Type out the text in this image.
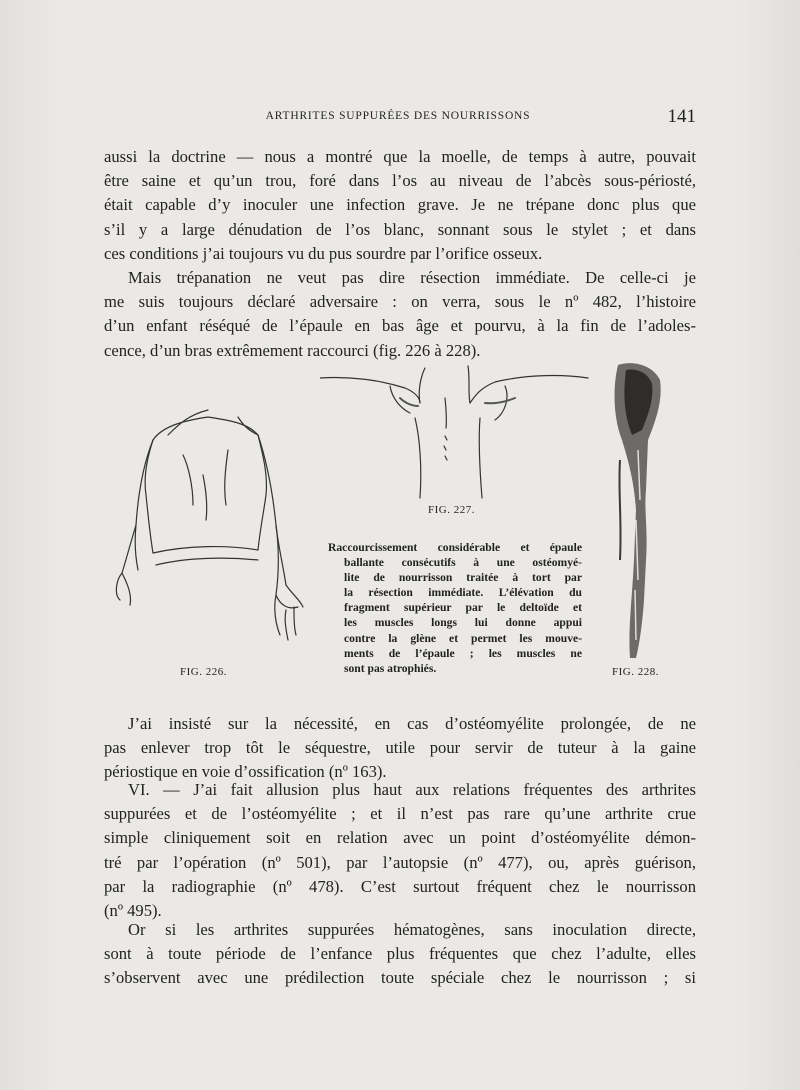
ARTHRITES SUPPURÉES DES NOURRISSONS	141
aussi la doctrine — nous a montré que la moelle, de temps à autre, pouvait
être saine et qu’un trou, foré dans l’os au niveau de l’abcès sous-périosté,
était capable d’y inoculer une infection grave. Je ne trépane donc plus que
s’il y a large dénudation de l’os blanc, sonnant sous le stylet ; et dans
ces conditions j’ai toujours vu du pus sourdre par l’orifice osseux.
Mais trépanation ne veut pas dire résection immédiate. De celle-ci je
me suis toujours déclaré adversaire : on verra, sous le nº 482, l’histoire
d’un enfant réséqué de l’épaule en bas âge et pourvu, à la fin de l’adoles-
cence, d’un bras extrêmement raccourci (fig. 226 à 228).
FIG. 226.
FIG. 227.
Raccourcissement considérable et épaule
ballante consécutifs à une ostéomyé-
lite de nourrisson traitée à tort par
la résection immédiate. L’élévation du
fragment supérieur par le deltoïde et
les muscles longs lui donne appui
contre la glène et permet les mouve-
ments de l’épaule ; les muscles ne
sont pas atrophiés.	FIG. 228.
J’ai insisté sur la nécessité, en cas d’ostéomyélite prolongée, de ne
pas enlever trop tôt le séquestre, utile pour servir de tuteur à la gaine
périostique en voie d’ossification (nº 163).
VI. — J’ai fait allusion plus haut aux relations fréquentes des arthrites
suppurées et de l’ostéomyélite ; et il n’est pas rare qu’une arthrite crue
simple cliniquement soit en relation avec un point d’ostéomyélite démon-
tré par l’opération (nº 501), par l’autopsie (nº 477), ou, après guérison,
par la radiographie (nº 478). C’est surtout fréquent chez le nourrisson
(nº 495).
Or si les arthrites suppurées hématogènes, sans inoculation directe,
sont à toute période de l’enfance plus fréquentes que chez l’adulte, elles
s’observent avec une prédilection toute spéciale chez le nourrisson ; si
